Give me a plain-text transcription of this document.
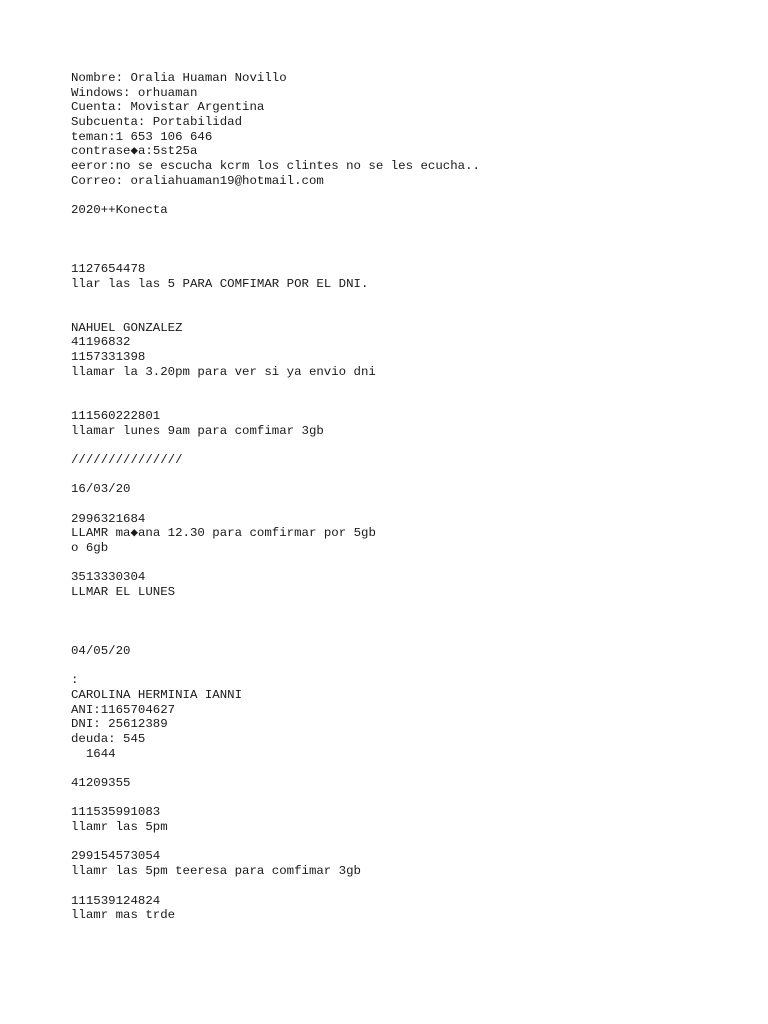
Nombre: Oralia Huaman Novillo
Windows: orhuaman
Cuenta: Movistar Argentina
Subcuenta: Portabilidad
teman:1 653 106 646
contrase◆a:5st25a
eeror:no se escucha kcrm los clintes no se les ecucha..
Correo: oraliahuaman19@hotmail.com
2020++Konecta
1127654478
llar las las 5 PARA COMFIMAR POR EL DNI.
NAHUEL GONZALEZ
41196832
1157331398
llamar la 3.20pm para ver si ya envio dni
111560222801
llamar lunes 9am para comfimar 3gb
///////////////
16/03/20
2996321684
LLAMR ma◆ana 12.30 para comfirmar por 5gb
o 6gb
3513330304
LLMAR EL LUNES
04/05/20
:
CAROLINA HERMINIA IANNI
ANI:1165704627
DNI: 25612389
deuda: 545
1644
41209355
111535991083
llamr las 5pm
299154573054
llamr las 5pm teeresa para comfimar 3gb
111539124824
llamr mas trde
